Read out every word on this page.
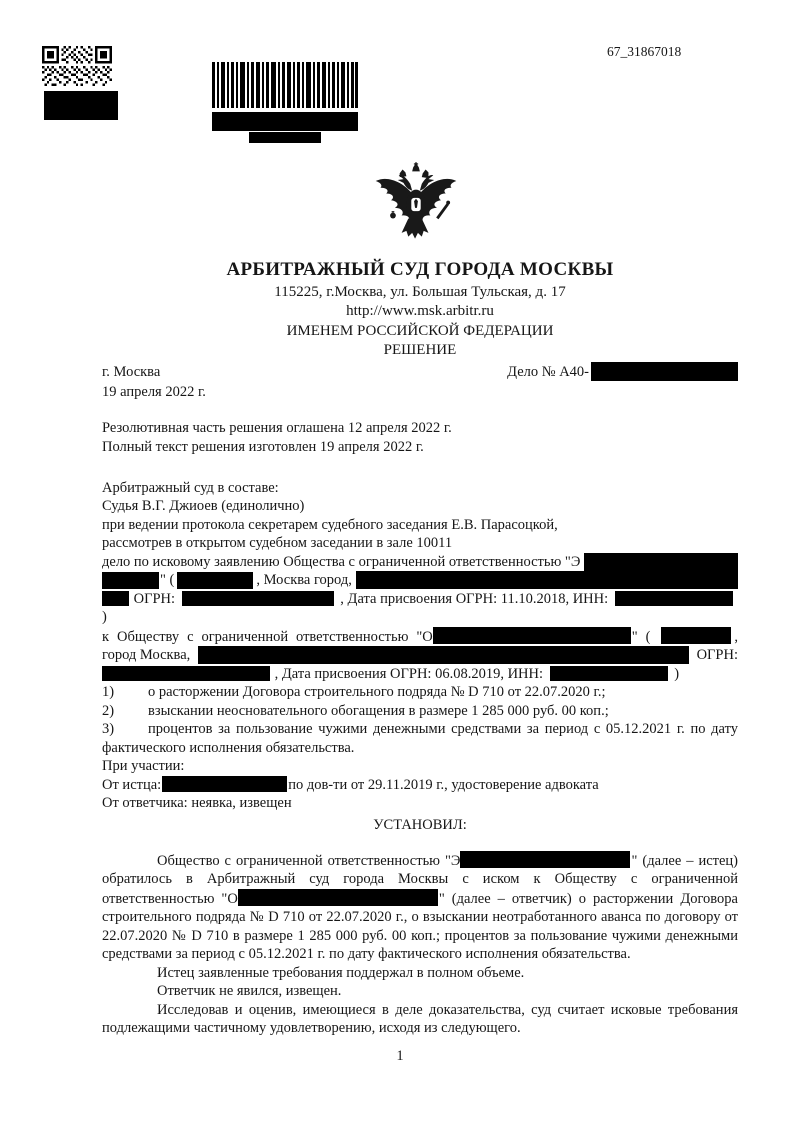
67_31867018
АРБИТРАЖНЫЙ СУД ГОРОДА МОСКВЫ
115225, г.Москва, ул. Большая Тульская, д. 17
http://www.msk.arbitr.ru
ИМЕНЕМ РОССИЙСКОЙ ФЕДЕРАЦИИ
РЕШЕНИЕ
г. Москва	Дело № А40-
19 апреля 2022 г.
Резолютивная часть решения оглашена 12 апреля 2022 г.
Полный текст решения изготовлен 19 апреля 2022 г.
Арбитражный суд в составе:
Судья В.Г. Джиоев (единолично)
при ведении протокола секретарем судебного заседания Е.В. Парасоцкой,
рассмотрев в открытом судебном заседании в зале 10011
дело по исковому заявлению Общества с ограниченной ответственностью "Э
" (	, Москва город,
ОГРН:	, Дата присвоения ОГРН: 11.10.2018, ИНН:  )
к Обществу с ограниченной ответственностью "О	" (	,
город Москва,	ОГРН:
, Дата присвоения ОГРН: 06.08.2019, ИНН:	)
1) о расторжении Договора строительного подряда № D 710 от 22.07.2020 г.;
2) взыскании неосновательного обогащения в размере 1 285 000 руб. 00 коп.;
3) процентов за пользование чужими денежными средствами за период с 05.12.2021 г. по дату фактического исполнения обязательства.
При участии:
От истца:	по дов-ти от 29.11.2019 г., удостоверение адвоката
От ответчика: неявка, извещен
УСТАНОВИЛ:
Общество с ограниченной ответственностью "Э	" (далее – истец) обратилось в Арбитражный суд города Москвы с иском к Обществу с ограниченной ответственностью "О	" (далее – ответчик) о расторжении Договора строительного подряда № D 710 от 22.07.2020 г., о взыскании неотработанного аванса по договору от 22.07.2020 № D 710 в размере 1 285 000 руб. 00 коп.; процентов за пользование чужими денежными средствами за период с 05.12.2021 г. по дату фактического исполнения обязательства.
Истец заявленные требования поддержал в полном объеме.
Ответчик не явился, извещен.
Исследовав и оценив, имеющиеся в деле доказательства, суд считает исковые требования подлежащими частичному удовлетворению, исходя из следующего.
1
